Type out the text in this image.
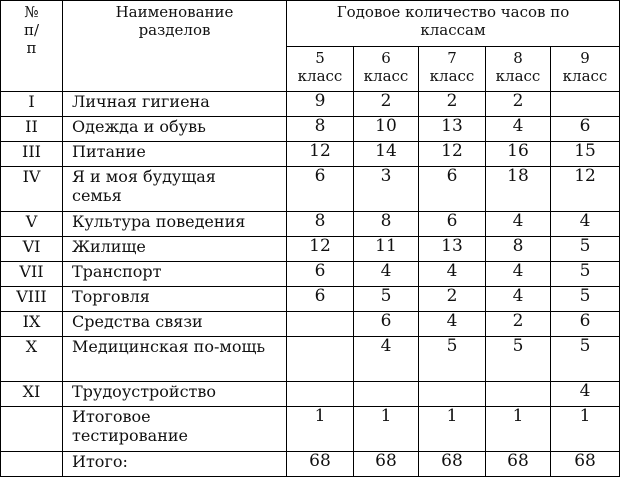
№ п/п	Наименование разделов	Годовое количество часов по классам				

		5 класс	6 класс	7 класс	8 класс	9 класс

I	Личная гигиена	9	2	2	2	
II	Одежда и обувь	8	10	13	4	6
III	Питание	12	14	12	16	15
IV	Я и моя будущая семья	6	3	6	18	12
V	Культура поведения	8	8	6	4	4
VI	Жилище	12	11	13	8	5
VII	Транспорт	6	4	4	4	5
VIII	Торговля	6	5	2	4	5
IX	Средства связи		6	4	2	6
X	Медицинская по-мощь		4	5	5	5
XI	Трудоустройство					4

	Итоговое тестирование	1	1	1	1	1
	Итого:	68	68	68	68	68
